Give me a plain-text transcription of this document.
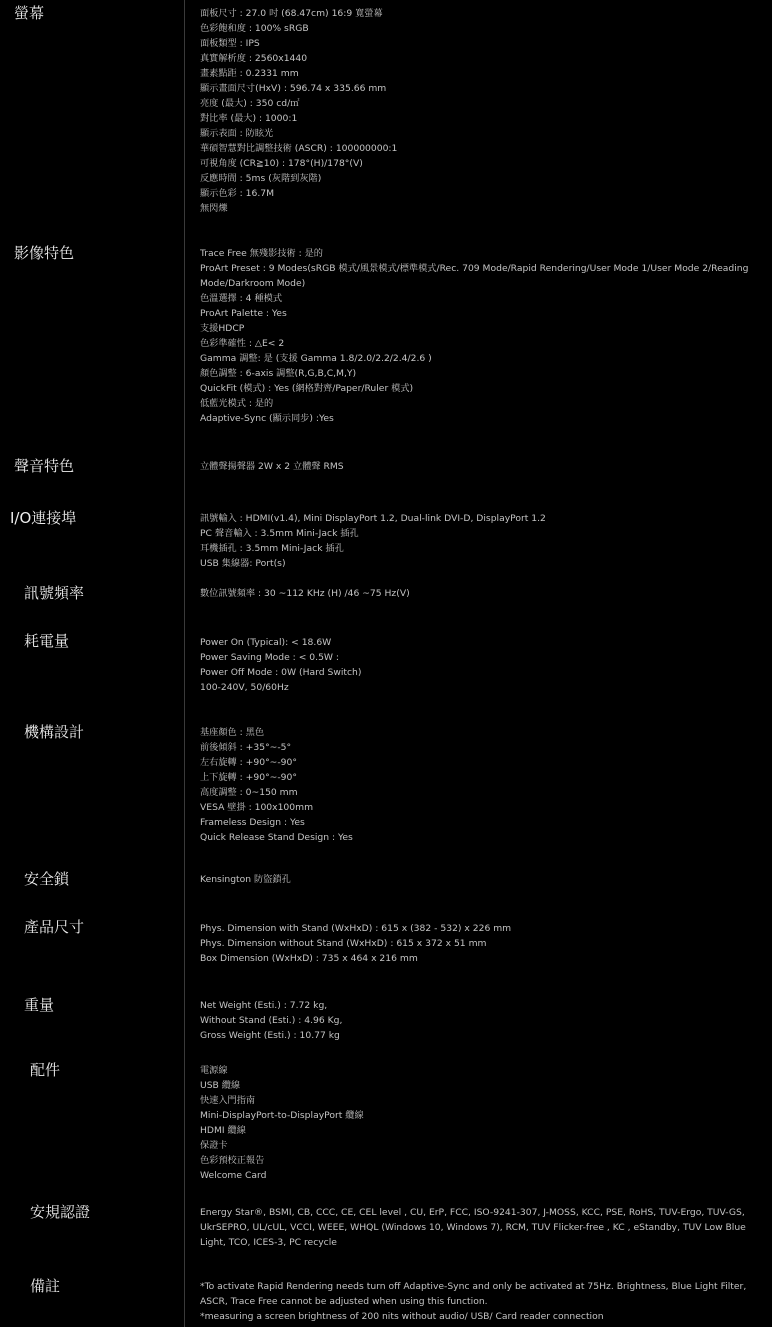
螢幕	面板尺寸 : 27.0 吋 (68.47cm) 16:9 寬螢幕
色彩飽和度 : 100% sRGB
面板類型 : IPS
真實解析度 : 2560x1440
畫素點距 : 0.2331 mm
顯示畫面尺寸(HxV) : 596.74 x 335.66 mm
亮度 (最大) : 350 cd/㎡
對比率 (最大) : 1000:1
顯示表面 : 防眩光
華碩智慧對比調整技術 (ASCR) : 100000000:1
可視角度 (CR≧10) : 178°(H)/178°(V)
反應時間 : 5ms (灰階到灰階)
顯示色彩 : 16.7M
無閃爍
影像特色	Trace Free 無殘影技術 : 是的
ProArt Preset : 9 Modes(sRGB 模式/風景模式/標準模式/Rec. 709 Mode/Rapid Rendering/User Mode 1/User Mode 2/Reading Mode/Darkroom Mode)
色溫選擇 : 4 種模式
ProArt Palette : Yes
支援HDCP
色彩準確性 : △E< 2
Gamma 調整: 是 (支援 Gamma 1.8/2.0/2.2/2.4/2.6 )
顏色調整 : 6-axis 調整(R,G,B,C,M,Y)
QuickFit (模式) : Yes (網格對齊/Paper/Ruler 模式)
低藍光模式 : 是的
Adaptive-Sync (顯示同步) :Yes
聲音特色	立體聲揚聲器 2W x 2 立體聲 RMS
I/O連接埠	訊號輸入 : HDMI(v1.4), Mini DisplayPort 1.2, Dual-link DVI-D, DisplayPort 1.2
PC 聲音輸入 : 3.5mm Mini-Jack 插孔
耳機插孔 : 3.5mm Mini-Jack 插孔
USB 集線器: Port(s)
訊號頻率	數位訊號頻率 : 30 ~112 KHz (H) /46 ~75 Hz(V)
耗電量	Power On (Typical): < 18.6W
Power Saving Mode : < 0.5W :
Power Off Mode : 0W (Hard Switch)
100-240V, 50/60Hz
機構設計	基座顏色 : 黑色
前後傾斜 : +35°~-5°
左右旋轉 : +90°~-90°
上下旋轉 : +90°~-90°
高度調整 : 0~150 mm
VESA 壁掛 : 100x100mm
Frameless Design : Yes
Quick Release Stand Design : Yes
安全鎖	Kensington 防盜鎖孔
產品尺寸	Phys. Dimension with Stand (WxHxD) : 615 x (382 - 532) x 226 mm
Phys. Dimension without Stand (WxHxD) : 615 x 372 x 51 mm
Box Dimension (WxHxD) : 735 x 464 x 216 mm
重量	Net Weight (Esti.) : 7.72 kg,
Without Stand (Esti.) : 4.96 Kg,
Gross Weight (Esti.) : 10.77 kg
配件	電源線
USB 纜線
快速入門指南
Mini-DisplayPort-to-DisplayPort 纜線
HDMI 纜線
保證卡
色彩預校正報告
Welcome Card
安規認證	Energy Star®, BSMI, CB, CCC, CE, CEL level , CU, ErP, FCC, ISO-9241-307, J-MOSS, KCC, PSE, RoHS, TUV-Ergo, TUV-GS, UkrSEPRO, UL/cUL, VCCI, WEEE, WHQL (Windows 10, Windows 7), RCM, TUV Flicker-free , KC , eStandby, TUV Low Blue Light, TCO, ICES-3, PC recycle
備註	*To activate Rapid Rendering needs turn off Adaptive-Sync and only be activated at 75Hz. Brightness, Blue Light Filter, ASCR, Trace Free cannot be adjusted when using this function.
*measuring a screen brightness of 200 nits without audio/ USB/ Card reader connection
